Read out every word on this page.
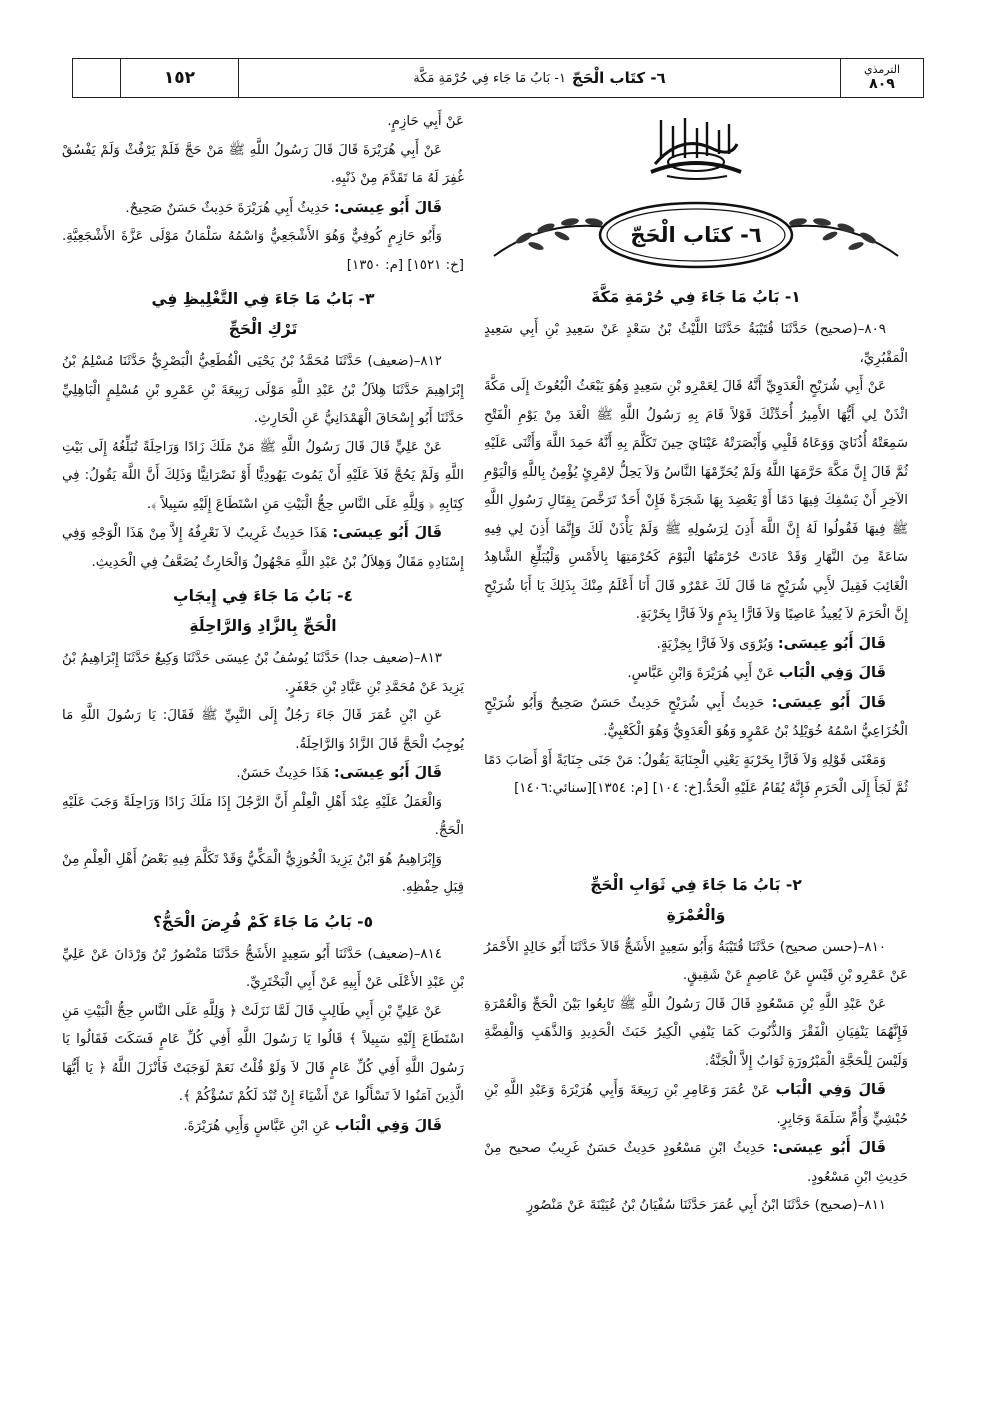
١٥٢	٦- كتَاب الْحَجّ
١- بَابُ مَا جَاء فِي حُرْمَةِ مَكَّة
الترمذي
٨٠٩
٦- كتَاب الْحَجّ
١- بَابُ مَا جَاءَ فِي حُرْمَةِ مَكَّةَ

٨٠٩–(صحيح) حَدَّثَنَا قُتَيْبَةُ حَدَّثَنَا اللَّيْثُ بْنُ سَعْدٍ عَنْ سَعِيدِ بْنِ أَبِي سَعِيدٍ الْمَقْبُرِيِّ،

عَنْ أَبِي شُرَيْحٍ الْعَدَوِيِّ أَنَّهُ قَالَ لِعَمْرِو بْنِ سَعِيدٍ وَهُوَ يَبْعَثُ الْبُعُوثَ إِلَى مَكَّةَ ائْذَنْ لِي أَيُّهَا الأَمِيرُ أُحَدِّثْكَ قَوْلاً قَامَ بِهِ رَسُولُ اللَّهِ ﷺ الْغَدَ مِنْ يَوْمِ الْفَتْحِ سَمِعَتْهُ أُذُنَايَ وَوَعَاهُ قَلْبِي وَأَبْصَرَتْهُ عَيْنَايَ حِينَ تَكَلَّمَ بِهِ أَنَّهُ حَمِدَ اللَّهَ وَأَثْنَى عَلَيْهِ ثُمَّ قَالَ إِنَّ مَكَّةَ حَرَّمَهَا اللَّهُ وَلَمْ يُحَرِّمْهَا النَّاسُ وَلاَ يَحِلُّ لاِمْرِئٍ يُؤْمِنُ بِاللَّهِ وَالْيَوْمِ الآخِرِ أَنْ يَسْفِكَ فِيهَا دَمًا أَوْ يَعْضِدَ بِهَا شَجَرَةً فَإِنْ أَحَدٌ تَرَخَّصَ بِقِتَالِ رَسُولِ اللَّهِ ﷺ فِيهَا فَقُولُوا لَهُ إِنَّ اللَّهَ أَذِنَ لِرَسُولِهِ ﷺ وَلَمْ يَأْذَنْ لَكَ وَإِنَّمَا أَذِنَ لِي فِيهِ سَاعَةً مِنَ النَّهَارِ وَقَدْ عَادَتْ حُرْمَتُهَا الْيَوْمَ كَحُرْمَتِهَا بِالأَمْسِ وَلْيُبَلِّغِ الشَّاهِدُ الْغَائِبَ فَقِيلَ لأَبِي شُرَيْحٍ مَا قَالَ لَكَ عَمْرٌو قَالَ أَنَا أَعْلَمُ مِنْكَ بِذَلِكَ يَا أَبَا شُرَيْحٍ إِنَّ الْحَرَمَ لاَ يُعِيذُ عَاصِيًا وَلاَ فَارًّا بِدَمٍ وَلاَ فَارًّا بِخَرْبَةٍ.

قَالَ أَبُو عِيسَى: وَيُرْوَى وَلاَ فَارًّا بِخِزْيَةٍ.

قَالَ وَفِي الْبَاب عَنْ أَبِي هُرَيْرَةَ وَابْنِ عَبَّاسٍ.

قَالَ أَبُو عِيسَى: حَدِيثُ أَبِي شُرَيْحٍ حَدِيثٌ حَسَنٌ صَحِيحٌ وَأَبُو شُرَيْحٍ الْخُزَاعِيُّ اسْمُهُ خُوَيْلِدُ بْنُ عَمْرٍو وَهُوَ الْعَدَوِيُّ وَهُوَ الْكَعْبِيُّ.

وَمَعْنَى قَوْلِهِ وَلاَ فَارًّا بِخَرْبَةٍ يَعْنِي الْجِنَايَةَ يَقُولُ: مَنْ جَنَى جِنَايَةً أَوْ أَصَابَ دَمًا ثُمَّ لَجَأَ إِلَى الْحَرَمِ فَإِنَّهُ يُقَامُ عَلَيْهِ الْحَدُّ.[خ: ١٠٤] [م: ١٣٥٤][سنائي:١٤٠٦]

٢- بَابُ مَا جَاءَ فِي ثَوَابِ الْحَجِّ
وَالْعُمْرَةِ

٨١٠–(حسن صحيح) حَدَّثَنَا قُتَيْبَةُ وَأَبُو سَعِيدٍ الأَشَجُّ قَالاَ حَدَّثَنَا أَبُو خَالِدٍ الأَحْمَرُ عَنْ عَمْرِو بْنِ قَيْسٍ عَنْ عَاصِمٍ عَنْ شَقِيقٍ.

عَنْ عَبْدِ اللَّهِ بْنِ مَسْعُودٍ قَالَ قَالَ رَسُولُ اللَّهِ ﷺ تَابِعُوا بَيْنَ الْحَجِّ وَالْعُمْرَةِ فَإِنَّهُمَا يَنْفِيَانِ الْفَقْرَ وَالذُّنُوبَ كَمَا يَنْفِي الْكِيرُ خَبَثَ الْحَدِيدِ وَالذَّهَبِ وَالْفِضَّةِ وَلَيْسَ لِلْحَجَّةِ الْمَبْرُورَةِ ثَوَابٌ إِلاَّ الْجَنَّةُ.

قَالَ وَفِي الْبَاب عَنْ عُمَرَ وَعَامِرِ بْنِ رَبِيعَةَ وَأَبِي هُرَيْرَةَ وَعَبْدِ اللَّهِ بْنِ حُبْشِيٍّ وَأُمِّ سَلَمَةَ وَجَابِرٍ.

قَالَ أَبُو عِيسَى: حَدِيثُ ابْنِ مَسْعُودٍ حَدِيثٌ حَسَنٌ غَرِيبٌ صحيح مِنْ حَدِيثِ ابْنِ مَسْعُودٍ.

٨١١–(صحيح) حَدَّثَنَا ابْنُ أَبِي عُمَرَ حَدَّثَنَا سُفْيَانُ بْنُ عُيَيْنَةَ عَنْ مَنْصُورٍ

عَنْ أَبِي حَازِمٍ.

عَنْ أَبِي هُرَيْرَةَ قَالَ قَالَ رَسُولُ اللَّهِ ﷺ مَنْ حَجَّ فَلَمْ يَرْفُثْ وَلَمْ يَفْسُقْ غُفِرَ لَهُ مَا تَقَدَّمَ مِنْ ذَنْبِهِ.

قَالَ أَبُو عِيسَى: حَدِيثُ أَبِي هُرَيْرَةَ حَدِيثٌ حَسَنٌ صَحِيحٌ.

وَأَبُو حَازِمٍ كُوفِيٌّ وَهُوَ الأَشْجَعِيُّ وَاسْمُهُ سَلْمَانُ مَوْلَى عَزَّةَ الأَشْجَعِيَّةِ. [خ: ١٥٢١] [م: ١٣٥٠]

٣- بَابُ مَا جَاءَ فِي التَّغْلِيظِ فِي
تَرْكِ الْحَجِّ

٨١٢–(ضعيف) حَدَّثَنَا مُحَمَّدُ بْنُ يَحْيَى الْقُطَعِيُّ الْبَصْرِيُّ حَدَّثَنَا مُسْلِمُ بْنُ إِبْرَاهِيمَ حَدَّثَنَا هِلاَلُ بْنُ عَبْدِ اللَّهِ مَوْلَى رَبِيعَةَ بْنِ عَمْرِو بْنِ مُسْلِمٍ الْبَاهِلِيِّ حَدَّثَنَا أَبُو إِسْحَاقَ الْهَمْدَانِيُّ عَنِ الْحَارِثِ.

عَنْ عَلِيٍّ قَالَ قَالَ رَسُولُ اللَّهِ ﷺ مَنْ مَلَكَ زَادًا وَرَاحِلَةً تُبَلِّغُهُ إِلَى بَيْتِ اللَّهِ وَلَمْ يَحُجَّ فَلاَ عَلَيْهِ أَنْ يَمُوتَ يَهُودِيًّا أَوْ نَصْرَانِيًّا وَذَلِكَ أَنَّ اللَّهَ يَقُولُ: فِي كِتَابِهِ ﴿ وَلِلَّهِ عَلَى النَّاسِ حِجُّ الْبَيْتِ مَنِ اسْتَطَاعَ إِلَيْهِ سَبِيلاً ﴾.

قَالَ أَبُو عِيسَى: هَذَا حَدِيثٌ غَرِيبٌ لاَ نَعْرِفُهُ إِلاَّ مِنْ هَذَا الْوَجْهِ وَفِي إِسْنَادِهِ مَقَالٌ وَهِلاَلُ بْنُ عَبْدِ اللَّهِ مَجْهُولٌ وَالْحَارِثُ يُضَعَّفُ فِي الْحَدِيثِ.

٤- بَابُ مَا جَاءَ فِي إِيجَابِ
الْحَجِّ بِالزَّادِ وَالرَّاحِلَةِ

٨١٣–(ضعيف جدا) حَدَّثَنَا يُوسُفُ بْنُ عِيسَى حَدَّثَنَا وَكِيعٌ حَدَّثَنَا إِبْرَاهِيمُ بْنُ يَزِيدَ عَنْ مُحَمَّدِ بْنِ عَبَّادِ بْنِ جَعْفَرٍ.

عَنِ ابْنِ عُمَرَ قَالَ جَاءَ رَجُلٌ إِلَى النَّبِيِّ ﷺ فَقَالَ: يَا رَسُولَ اللَّهِ مَا يُوجِبُ الْحَجَّ قَالَ الزَّادُ وَالرَّاحِلَةُ.

قَالَ أَبُو عِيسَى: هَذَا حَدِيثٌ حَسَنٌ.

وَالْعَمَلُ عَلَيْهِ عِنْدَ أَهْلِ الْعِلْمِ أَنَّ الرَّجُلَ إِذَا مَلَكَ زَادًا وَرَاحِلَةً وَجَبَ عَلَيْهِ الْحَجُّ.

وَإِبْرَاهِيمُ هُوَ ابْنُ يَزِيدَ الْخُوزِيُّ الْمَكِّيُّ وَقَدْ تَكَلَّمَ فِيهِ بَعْضُ أَهْلِ الْعِلْمِ مِنْ قِبَلِ حِفْظِهِ.

٥- بَابُ مَا جَاءَ كَمْ فُرِضَ الْحَجُّ؟

٨١٤–(ضعيف) حَدَّثَنَا أَبُو سَعِيدٍ الأَشَجُّ حَدَّثَنَا مَنْصُورُ بْنُ وَرْدَانَ عَنْ عَلِيِّ بْنِ عَبْدِ الأَعْلَى عَنْ أَبِيهِ عَنْ أَبِي الْبَخْتَرِيِّ.

عَنْ عَلِيِّ بْنِ أَبِي طَالِبٍ قَالَ لَمَّا نَزَلَتْ ﴿ وَلِلَّهِ عَلَى النَّاسِ حِجُّ الْبَيْتِ مَنِ اسْتَطَاعَ إِلَيْهِ سَبِيلاً ﴾ قَالُوا يَا رَسُولَ اللَّهِ أَفِي كُلِّ عَامٍ فَسَكَتَ فَقَالُوا يَا رَسُولَ اللَّهِ أَفِي كُلِّ عَامٍ قَالَ لاَ وَلَوْ قُلْتُ نَعَمْ لَوَجَبَتْ فَأَنْزَلَ اللَّهُ ﴿ يَا أَيُّهَا الَّذِينَ آمَنُوا لاَ تَسْأَلُوا عَنْ أَشْيَاءَ إِنْ تُبْدَ لَكُمْ تَسُؤْكُمْ ﴾.

قَالَ وَفِي الْبَاب عَنِ ابْنِ عَبَّاسٍ وَأَبِي هُرَيْرَةَ.
